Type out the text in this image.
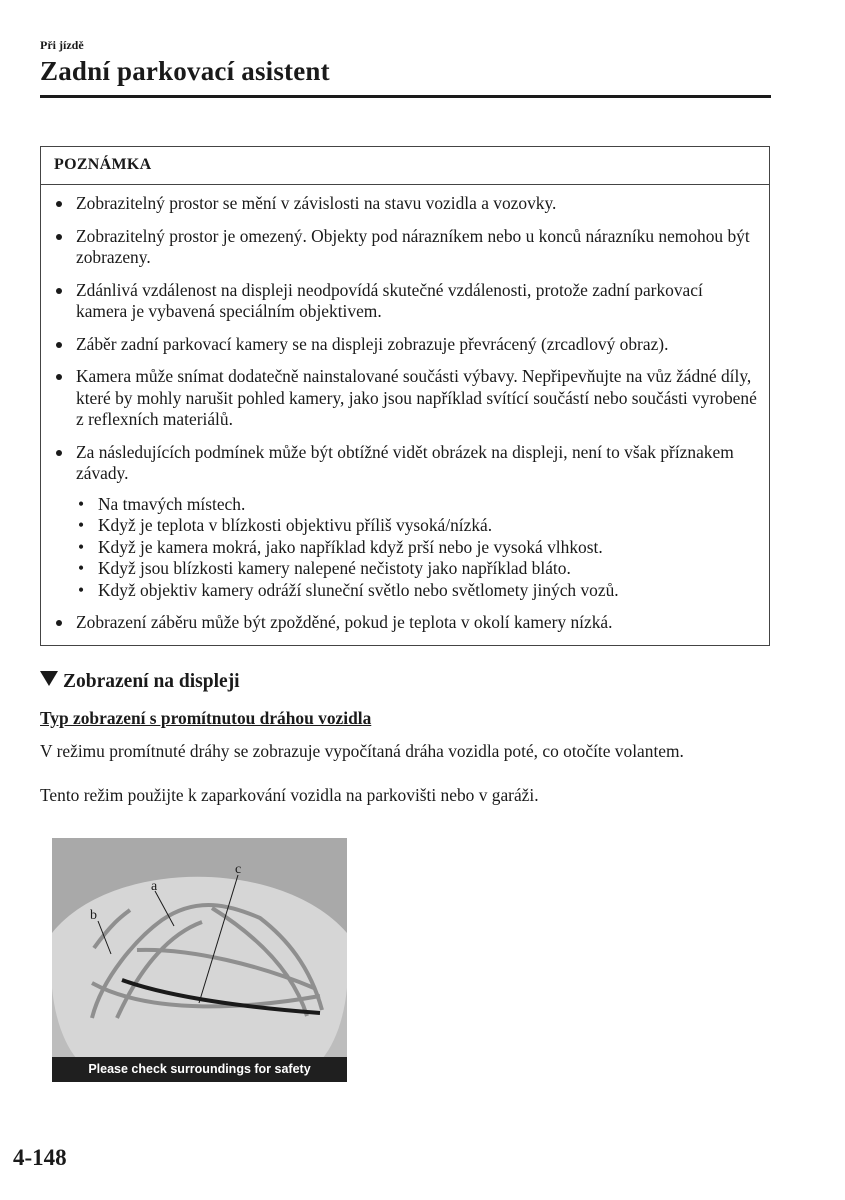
Při jízdě
Zadní parkovací asistent
POZNÁMKA
Zobrazitelný prostor se mění v závislosti na stavu vozidla a vozovky.
Zobrazitelný prostor je omezený. Objekty pod nárazníkem nebo u konců nárazníku nemohou být zobrazeny.
Zdánlivá vzdálenost na displeji neodpovídá skutečné vzdálenosti, protože zadní parkovací kamera je vybavená speciálním objektivem.
Záběr zadní parkovací kamery se na displeji zobrazuje převrácený (zrcadlový obraz).
Kamera může snímat dodatečně nainstalované součásti výbavy. Nepřipevňujte na vůz žádné díly, které by mohly narušit pohled kamery, jako jsou například svítící součástí nebo součásti vyrobené z reflexních materiálů.
Za následujících podmínek může být obtížné vidět obrázek na displeji, není to však příznakem závady.
• Na tmavých místech.
• Když je teplota v blízkosti objektivu příliš vysoká/nízká.
• Když je kamera mokrá, jako například když prší nebo je vysoká vlhkost.
• Když jsou blízkosti kamery nalepené nečistoty jako například bláto.
• Když objektiv kamery odráží sluneční světlo nebo světlomety jiných vozů.
Zobrazení záběru může být zpožděné, pokud je teplota v okolí kamery nízká.
Zobrazení na displeji
Typ zobrazení s promítnutou dráhou vozidla

V režimu promítnuté dráhy se zobrazuje vypočítaná dráha vozidla poté, co otočíte volantem.

Tento režim použijte k zaparkování vozidla na parkovišti nebo v garáži.

a
b
c
Please check surroundings for safety
4-148
